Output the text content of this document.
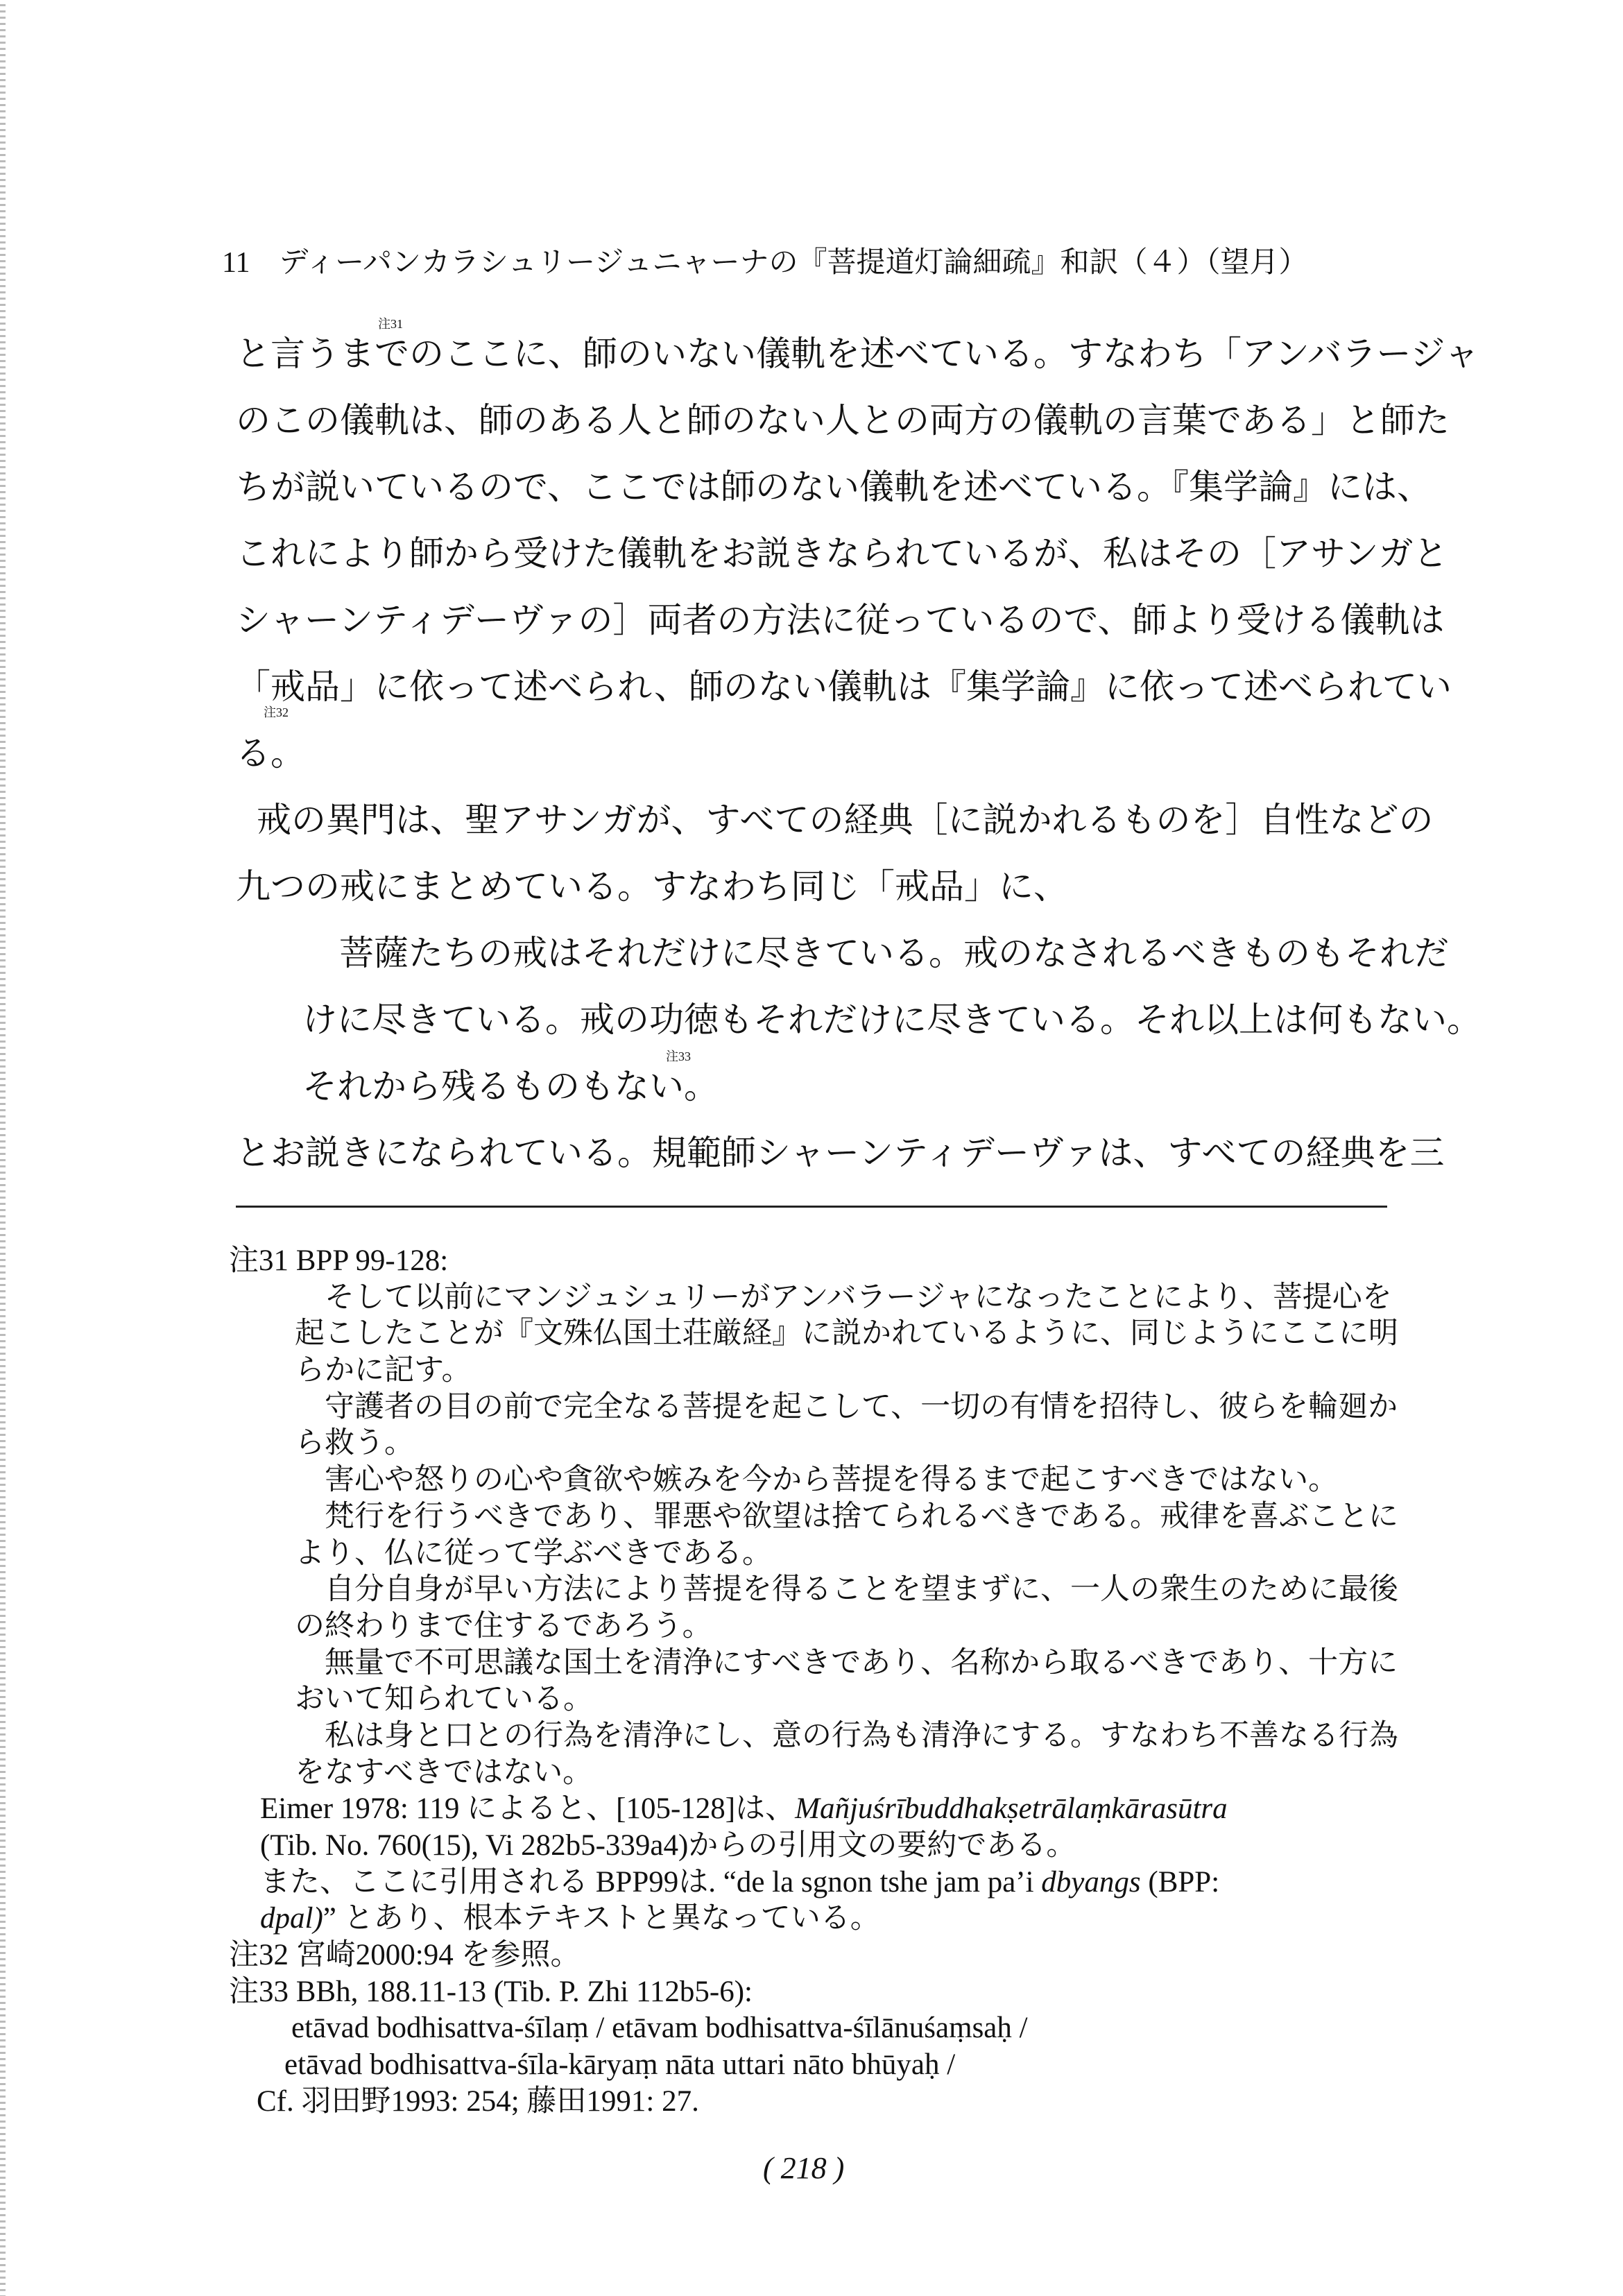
11　ディーパンカラシュリージュニャーナの『菩提道灯論細疏』和訳（４）（望月）
と言うまで
注31
のここに、師のいない儀軌を述べている。すなわち「アンバラージャ
のこの儀軌は、師のある人と師のない人との両方の儀軌の言葉である」と師た
ちが説いているので、ここでは師のない儀軌を述べている。『集学論』には、
これにより師から受けた儀軌をお説きなられているが、私はその［アサンガと
シャーンティデーヴァの］両者の方法に従っているので、師より受ける儀軌は
「戒品」に依って述べられ、師のない儀軌は『集学論』に依って述べられてい
注32
る。
戒の異門は、聖アサンガが、すべての経典［に説かれるものを］自性などの
九つの戒にまとめている。すなわち同じ「戒品」に、
菩薩たちの戒はそれだけに尽きている。戒のなされるべきものもそれだ
けに尽きている。戒の功徳もそれだけに尽きている。それ以上は何もない。
それから残るものもない。
注33
とお説きになられている。規範師シャーンティデーヴァは、すべての経典を三
注31 BPP 99-128:
そして以前にマンジュシュリーがアンバラージャになったことにより、菩提心を
起こしたことが『文殊仏国土荘厳経』に説かれているように、同じようにここに明
らかに記す。
守護者の目の前で完全なる菩提を起こして、一切の有情を招待し、彼らを輪廻か
ら救う。
害心や怒りの心や貪欲や嫉みを今から菩提を得るまで起こすべきではない。
梵行を行うべきであり、罪悪や欲望は捨てられるべきである。戒律を喜ぶことに
より、仏に従って学ぶべきである。
自分自身が早い方法により菩提を得ることを望まずに、一人の衆生のために最後
の終わりまで住するであろう。
無量で不可思議な国土を清浄にすべきであり、名称から取るべきであり、十方に
おいて知られている。
私は身と口との行為を清浄にし、意の行為も清浄にする。すなわち不善なる行為
をなすべきではない。
Eimer 1978: 119 によると、[105-128]は、Mañjuśrībuddhakṣetrālaṃkārasūtra
(Tib. No. 760(15), Vi 282b5-339a4)からの引用文の要約である。
また、ここに引用される BPP99は. “de la sgnon tshe jam pa’i dbyangs (BPP:
dpal)” とあり、根本テキストと異なっている。
注32 宮崎2000:94 を参照。
注33 BBh, 188.11-13 (Tib. P. Zhi 112b5-6):
etāvad bodhisattva-śīlaṃ / etāvam bodhisattva-śīlānuśaṃsaḥ /
etāvad bodhisattva-śīla-kāryaṃ nāta uttari nāto bhūyaḥ /
Cf. 羽田野1993: 254; 藤田1991: 27.
( 218 )
